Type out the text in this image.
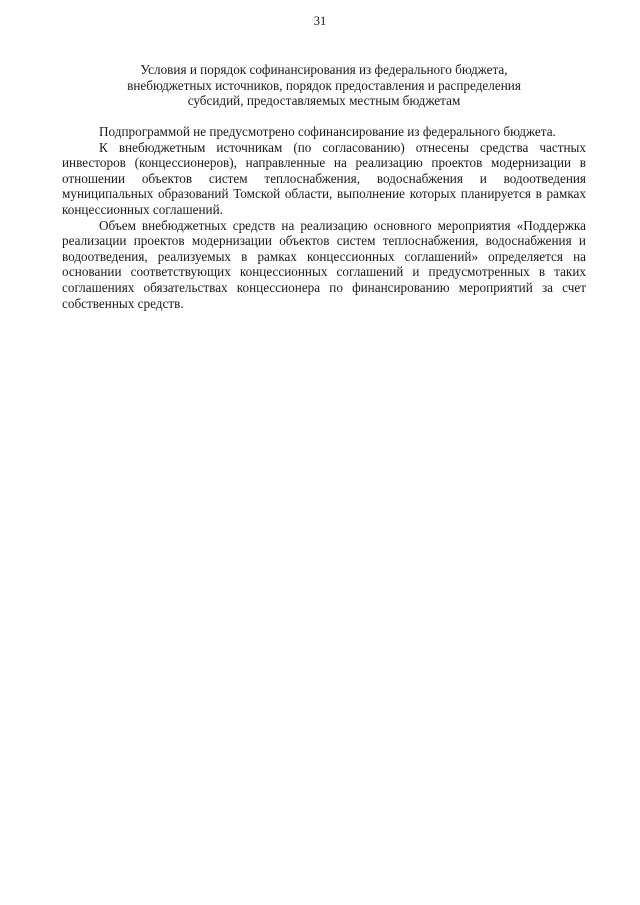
31
Условия и порядок софинансирования из федерального бюджета,
внебюджетных источников, порядок предоставления и распределения
субсидий, предоставляемых местным бюджетам

Подпрограммой не предусмотрено софинансирование из федерального бюджета.

К внебюджетным источникам (по согласованию) отнесены средства частных инвесторов (концессионеров), направленные на реализацию проектов модернизации в отношении объектов систем теплоснабжения, водоснабжения и водоотведения муниципальных образований Томской области, выполнение которых планируется в рамках концессионных соглашений.

Объем внебюджетных средств на реализацию основного мероприятия «Поддержка реализации проектов модернизации объектов систем теплоснабжения, водоснабжения и водоотведения, реализуемых в рамках концессионных соглашений» определяется на основании соответствующих концессионных соглашений и предусмотренных в таких соглашениях обязательствах концессионера по финансированию мероприятий за счет собственных средств.
